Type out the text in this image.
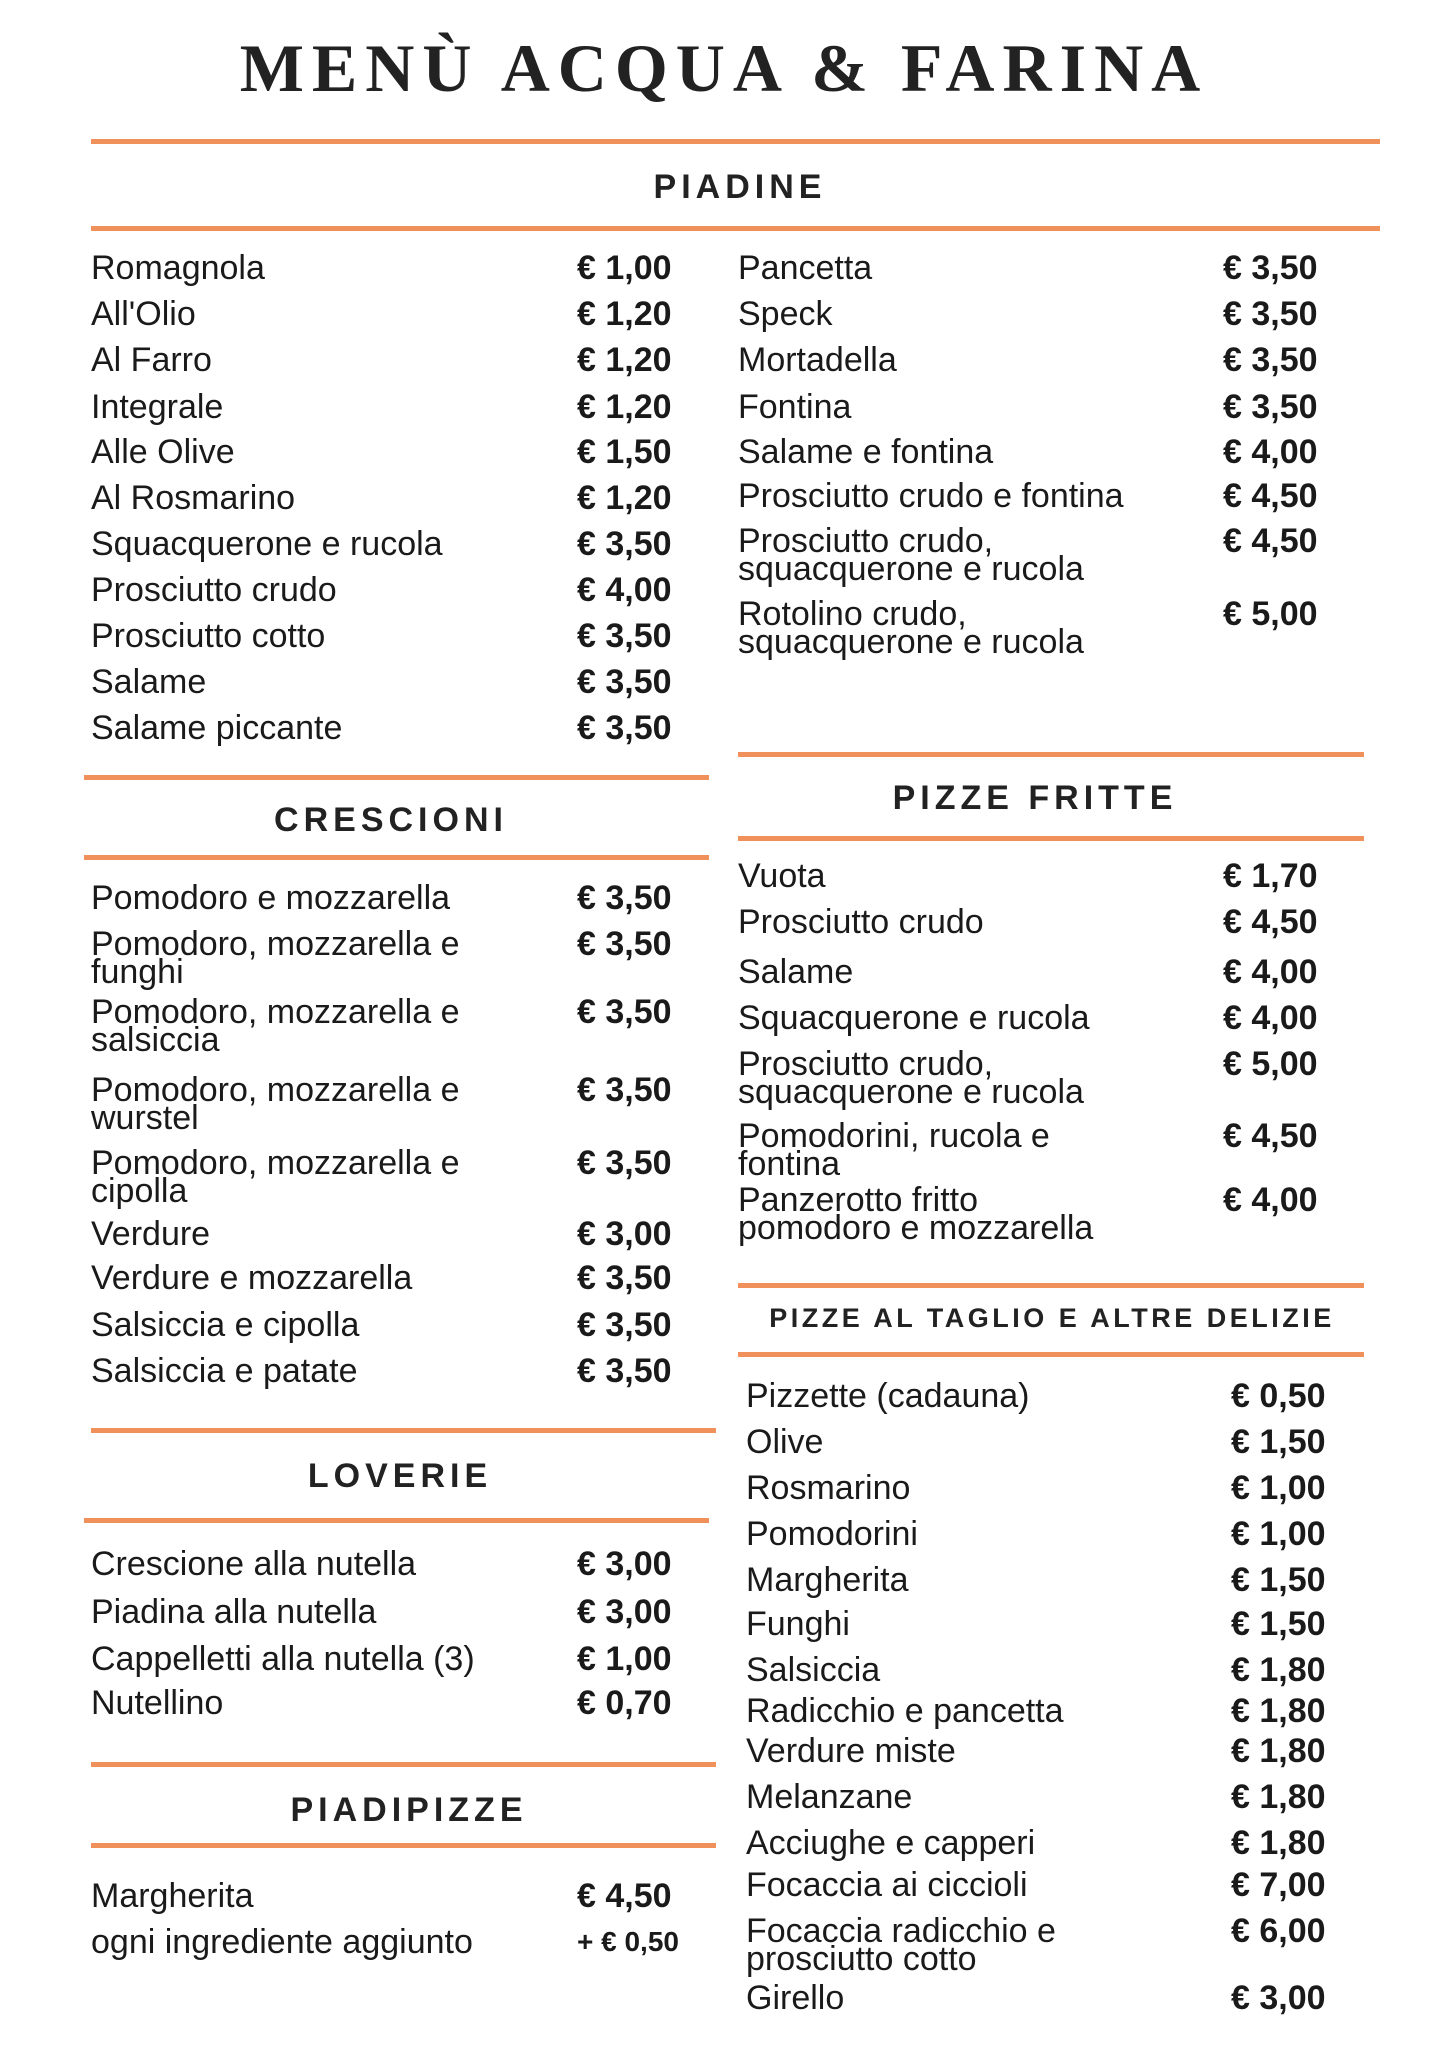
MENÙ ACQUA & FARINA
PIADINE
Romagnola	€ 1,00
All'Olio	€ 1,20
Al Farro	€ 1,20
Integrale	€ 1,20
Alle Olive	€ 1,50
Al Rosmarino	€ 1,20
Squacquerone e rucola	€ 3,50
Prosciutto crudo	€ 4,00
Prosciutto cotto	€ 3,50
Salame	€ 3,50
Salame piccante	€ 3,50
Pancetta	€ 3,50
Speck	€ 3,50
Mortadella	€ 3,50
Fontina	€ 3,50
Salame e fontina	€ 4,00
Prosciutto crudo e fontina	€ 4,50
Prosciutto crudo,
squacquerone e rucola
€ 4,50
Rotolino crudo,
squacquerone e rucola
€ 5,00
CRESCIONI
Pomodoro e mozzarella	€ 3,50
Pomodoro, mozzarella e
funghi
€ 3,50
Pomodoro, mozzarella e
salsiccia
€ 3,50
Pomodoro, mozzarella e
wurstel
€ 3,50
Pomodoro, mozzarella e
cipolla
€ 3,50
Verdure	€ 3,00
Verdure e mozzarella	€ 3,50
Salsiccia e cipolla	€ 3,50
Salsiccia e patate	€ 3,50
LOVERIE
Crescione alla nutella	€ 3,00
Piadina alla nutella	€ 3,00
Cappelletti alla nutella (3)	€ 1,00
Nutellino	€ 0,70
PIADIPIZZE
Margherita	€ 4,50
ogni ingrediente aggiunto	+ € 0,50
PIZZE FRITTE
Vuota	€ 1,70
Prosciutto crudo	€ 4,50
Salame	€ 4,00
Squacquerone e rucola	€ 4,00
Prosciutto crudo,
squacquerone e rucola
€ 5,00
Pomodorini, rucola e
fontina
€ 4,50
Panzerotto fritto
pomodoro e mozzarella
€ 4,00
PIZZE AL TAGLIO E ALTRE DELIZIE
Pizzette (cadauna)	€ 0,50
Olive	€ 1,50
Rosmarino	€ 1,00
Pomodorini	€ 1,00
Margherita	€ 1,50
Funghi	€ 1,50
Salsiccia	€ 1,80
Radicchio e pancetta	€ 1,80
Verdure miste	€ 1,80
Melanzane	€ 1,80
Acciughe e capperi	€ 1,80
Focaccia ai ciccioli	€ 7,00
Focaccia radicchio e
prosciutto cotto
€ 6,00
Girello	€ 3,00
